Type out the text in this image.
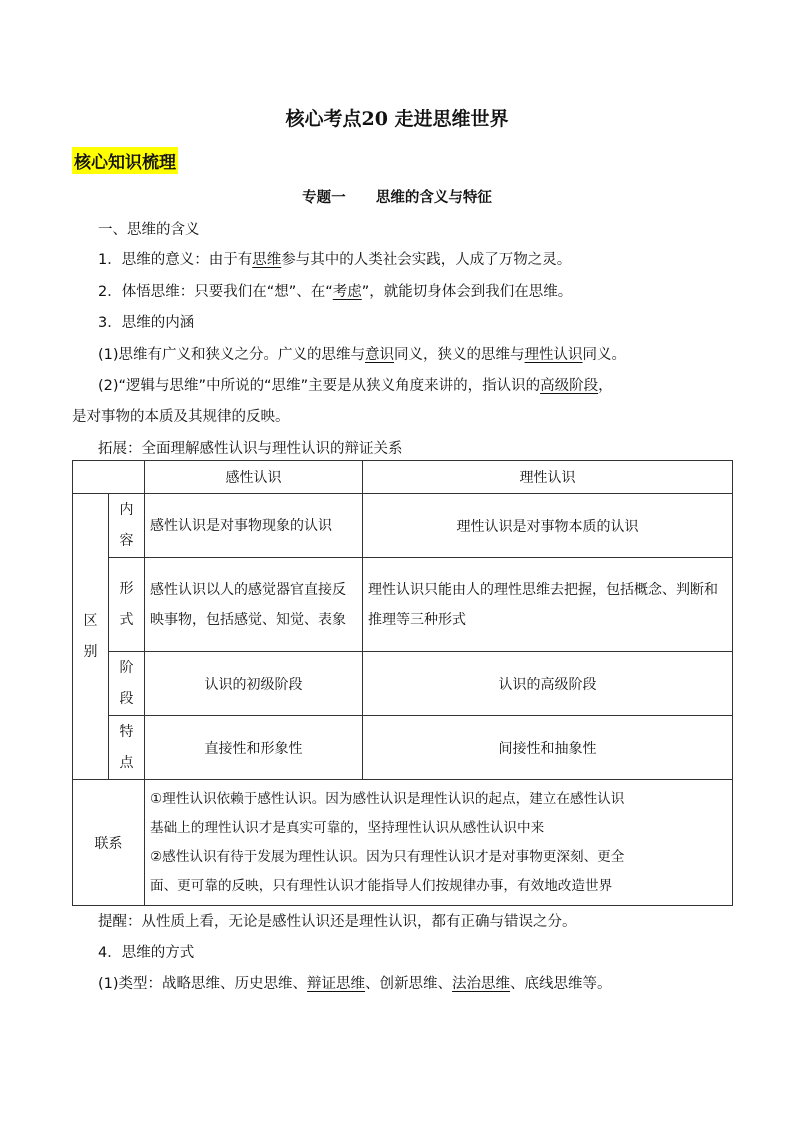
核心考点20 走进思维世界
核心知识梳理
专题一      思维的含义与特征
一、思维的含义
1．思维的意义：由于有思维参与其中的人类社会实践，人成了万物之灵。
2．体悟思维：只要我们在“想”、在“考虑”，就能切身体会到我们在思维。
3．思维的内涵
(1)思维有广义和狭义之分。广义的思维与意识同义，狭义的思维与理性认识同义。
(2)“逻辑与思维”中所说的“思维”主要是从狭义角度来讲的，指认识的高级阶段，
是对事物的本质及其规律的反映。
拓展：全面理解感性认识与理性认识的辩证关系
		感性认识	理性认识

区别	内容	感性认识是对事物现象的认识	理性认识是对事物本质的认识

	形式	感性认识以人的感觉器官直接反映事物，包括感觉、知觉、表象	理性认识只能由人的理性思维去把握，包括概念、判断和推理等三种形式

	阶段	认识的初级阶段	认识的高级阶段

	特点	直接性和形象性	间接性和抽象性
联系		①理性认识依赖于感性认识。因为感性认识是理性认识的起点，建立在感性认识
基础上的理性认识才是真实可靠的，坚持理性认识从感性认识中来
②感性认识有待于发展为理性认识。因为只有理性认识才是对事物更深刻、更全
面、更可靠的反映，只有理性认识才能指导人们按规律办事，有效地改造世界	
提醒：从性质上看，无论是感性认识还是理性认识，都有正确与错误之分。
4．思维的方式
(1)类型：战略思维、历史思维、辩证思维、创新思维、法治思维、底线思维等。
